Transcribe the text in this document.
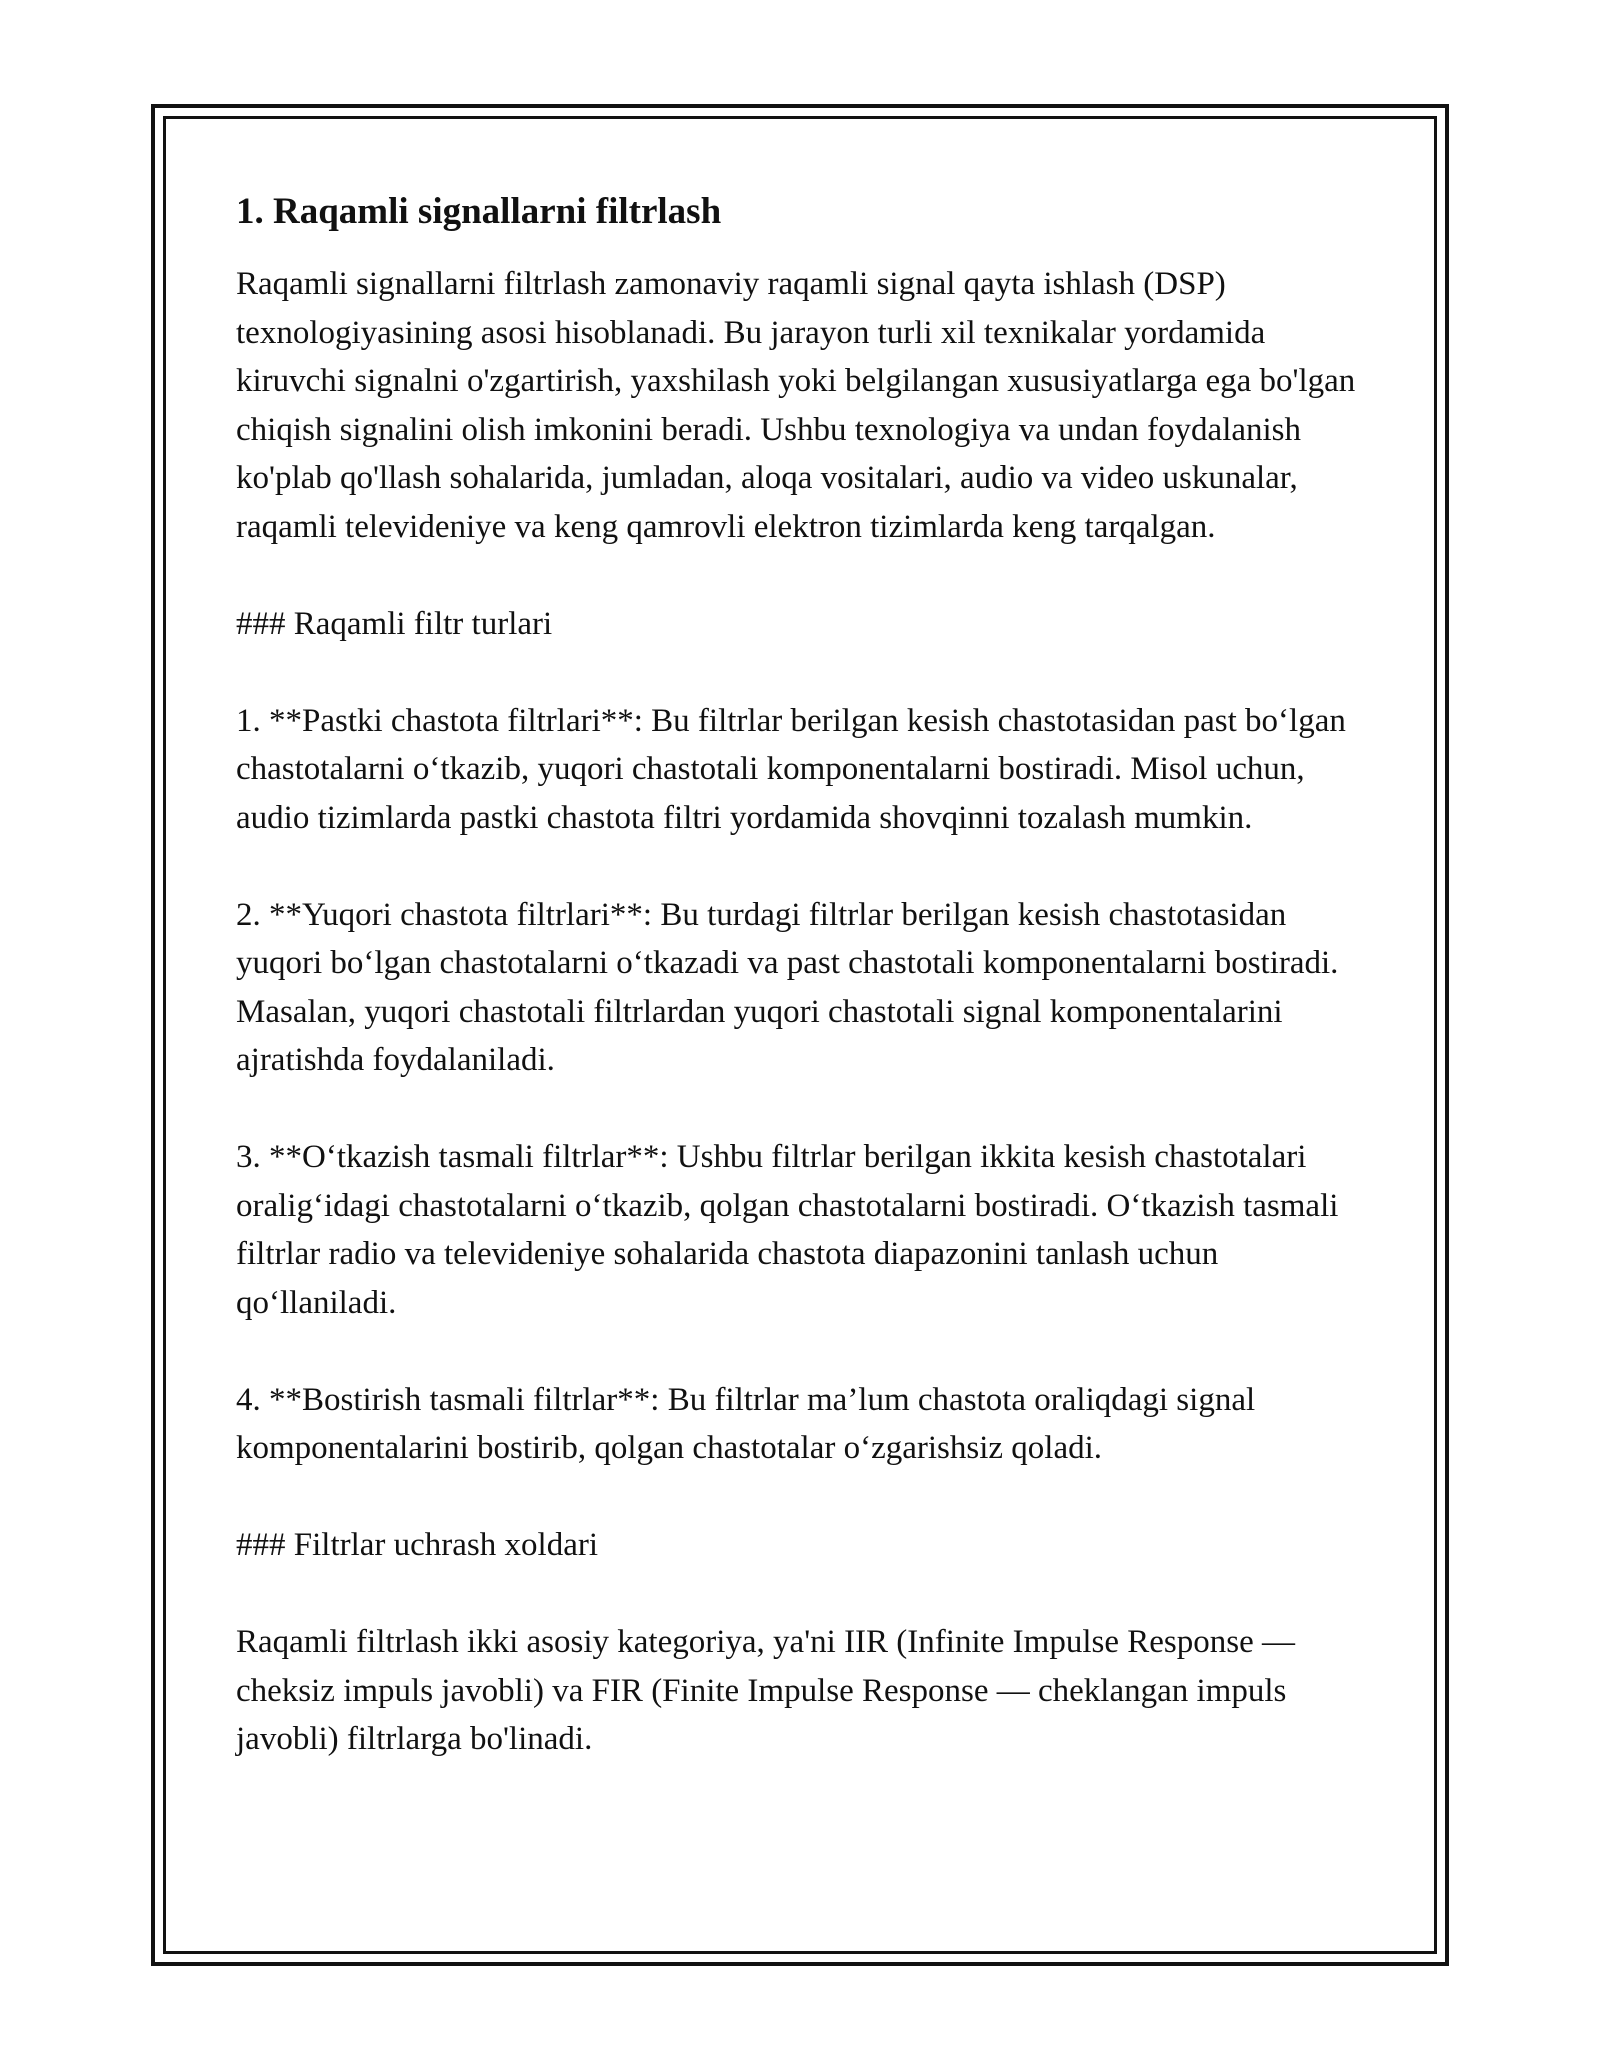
1. Raqamli signallarni filtrlash

Raqamli signallarni filtrlash zamonaviy raqamli signal qayta ishlash (DSP) texnologiyasining asosi hisoblanadi. Bu jarayon turli xil texnikalar yordamida kiruvchi signalni o'zgartirish, yaxshilash yoki belgilangan xususiyatlarga ega bo'lgan chiqish signalini olish imkonini beradi. Ushbu texnologiya va undan foydalanish ko'plab qo'llash sohalarida, jumladan, aloqa vositalari, audio va video uskunalar, raqamli televideniye va keng qamrovli elektron tizimlarda keng tarqalgan.

### Raqamli filtr turlari

1. **Pastki chastota filtrlari**: Bu filtrlar berilgan kesish chastotasidan past bo‘lgan chastotalarni o‘tkazib, yuqori chastotali komponentalarni bostiradi. Misol uchun, audio tizimlarda pastki chastota filtri yordamida shovqinni tozalash mumkin.

2. **Yuqori chastota filtrlari**: Bu turdagi filtrlar berilgan kesish chastotasidan yuqori bo‘lgan chastotalarni o‘tkazadi va past chastotali komponentalarni bostiradi. Masalan, yuqori chastotali filtrlardan yuqori chastotali signal komponentalarini ajratishda foydalaniladi.

3. **O‘tkazish tasmali filtrlar**: Ushbu filtrlar berilgan ikkita kesish chastotalari oralig‘idagi chastotalarni o‘tkazib, qolgan chastotalarni bostiradi. O‘tkazish tasmali filtrlar radio va televideniye sohalarida chastota diapazonini tanlash uchun qo‘llaniladi.

4. **Bostirish tasmali filtrlar**: Bu filtrlar ma’lum chastota oraliqdagi signal komponentalarini bostirib, qolgan chastotalar o‘zgarishsiz qoladi.

### Filtrlar uchrash xoldari

Raqamli filtrlash ikki asosiy kategoriya, ya'ni IIR (Infinite Impulse Response — cheksiz impuls javobli) va FIR (Finite Impulse Response — cheklangan impuls javobli) filtrlarga bo'linadi.
